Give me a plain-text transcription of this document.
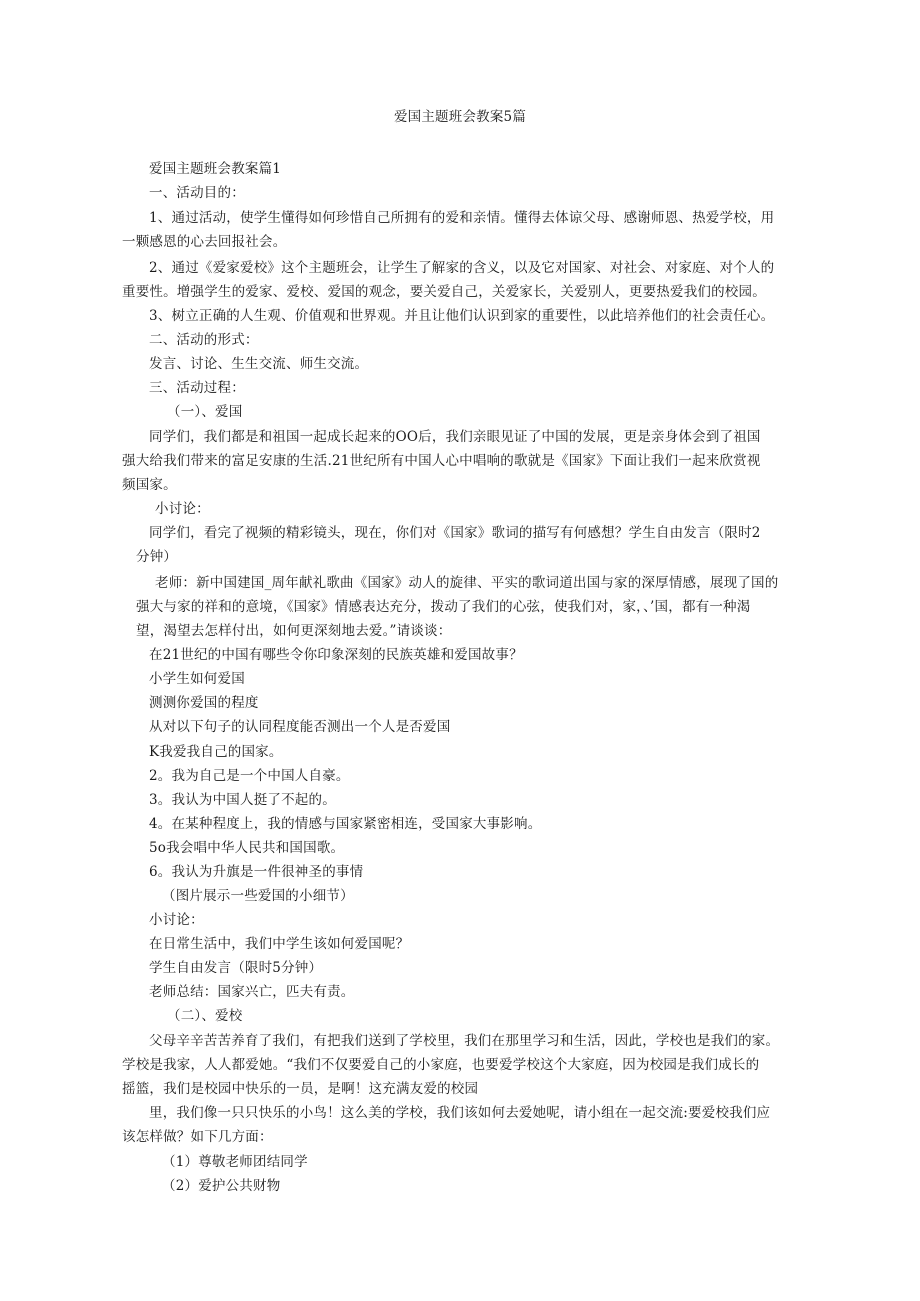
爱国主题班会教案5篇
爱国主题班会教案篇1
一、活动目的：
1、通过活动，使学生懂得如何珍惜自己所拥有的爱和亲情。懂得去体谅父母、感谢师恩、热爱学校，用
一颗感恩的心去回报社会。
2、通过《爱家爱校》这个主题班会，让学生了解家的含义，以及它对国家、对社会、对家庭、对个人的
重要性。增强学生的爱家、爱校、爱国的观念，要关爱自己，关爱家长，关爱别人，更要热爱我们的校园。
3、树立正确的人生观、价值观和世界观。并且让他们认识到家的重要性，以此培养他们的社会责任心。
二、活动的形式：
发言、讨论、生生交流、师生交流。
三、活动过程：
（一）、爱国
同学们，我们都是和祖国一起成长起来的OO后，我们亲眼见证了中国的发展，更是亲身体会到了祖国
强大给我们带来的富足安康的生活.21世纪所有中国人心中唱响的歌就是《国家》下面让我们一起来欣赏视
频国家。
小讨论：
同学们，看完了视频的精彩镜头，现在，你们对《国家》歌词的描写有何感想？学生自由发言（限时2
分钟）
老师：新中国建国_周年献礼歌曲《国家》动人的旋律、平实的歌词道出国与家的深厚情感，展现了国的
强大与家的祥和的意境，《国家》情感表达充分，拨动了我们的心弦，使我们对，家，、’国，都有一种渴
望，渴望去怎样付出，如何更深刻地去爱。”请谈谈：
在21世纪的中国有哪些令你印象深刻的民族英雄和爱国故事？
小学生如何爱国
测测你爱国的程度
从对以下句子的认同程度能否测出一个人是否爱国
K我爱我自己的国家。
2。我为自己是一个中国人自豪。
3。我认为中国人挺了不起的。
4。在某种程度上，我的情感与国家紧密相连，受国家大事影响。
5o我会唱中华人民共和国国歌。
6。我认为升旗是一件很神圣的事情
（图片展示一些爱国的小细节）
小讨论：
在日常生活中，我们中学生该如何爱国呢？
学生自由发言（限时5分钟）
老师总结：国家兴亡，匹夫有责。
（二）、爱校
父母辛辛苦苦养育了我们，有把我们送到了学校里，我们在那里学习和生活，因此，学校也是我们的家。
学校是我家，人人都爱她。“我们不仅要爱自己的小家庭，也要爱学校这个大家庭，因为校园是我们成长的
摇篮，我们是校园中快乐的一员，是啊！这充满友爱的校园
里，我们像一只只快乐的小鸟！这么美的学校，我们该如何去爱她呢，请小组在一起交流:要爱校我们应
该怎样做？如下几方面：
（1）尊敬老师团结同学
（2）爱护公共财物
